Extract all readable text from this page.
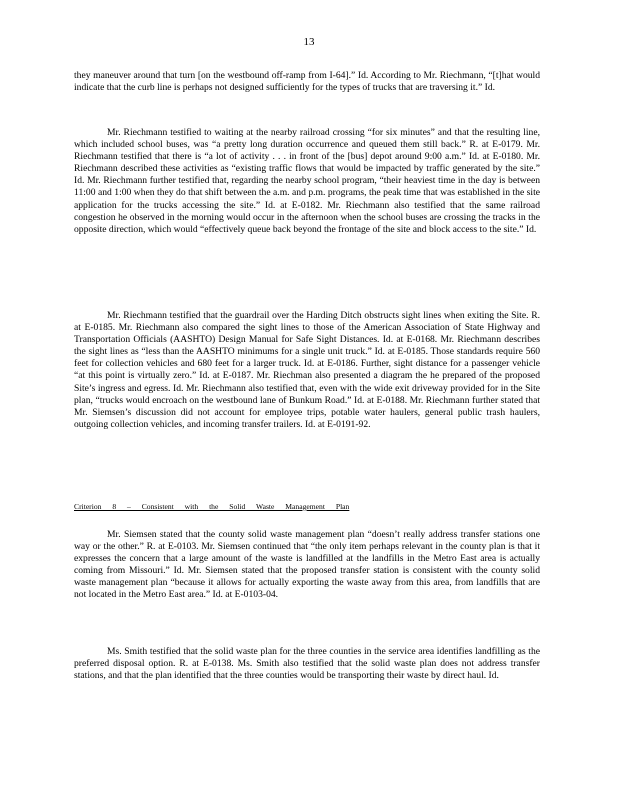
13

they maneuver around that turn [on the westbound off-ramp from I-64].” Id. According to Mr. Riechmann, “[t]hat would indicate that the curb line is perhaps not designed sufficiently for the types of trucks that are traversing it.” Id.

Mr. Riechmann testified to waiting at the nearby railroad crossing “for six minutes” and that the resulting line, which included school buses, was “a pretty long duration occurrence and queued them still back.” R. at E-0179. Mr. Riechmann testified that there is “a lot of activity . . . in front of the [bus] depot around 9:00 a.m.” Id. at E-0180. Mr. Riechmann described these activities as “existing traffic flows that would be impacted by traffic generated by the site.” Id. Mr. Riechmann further testified that, regarding the nearby school program, “their heaviest time in the day is between 11:00 and 1:00 when they do that shift between the a.m. and p.m. programs, the peak time that was established in the site application for the trucks accessing the site.” Id. at E-0182. Mr. Riechmann also testified that the same railroad congestion he observed in the morning would occur in the afternoon when the school buses are crossing the tracks in the opposite direction, which would “effectively queue back beyond the frontage of the site and block access to the site.” Id.

Mr. Riechmann testified that the guardrail over the Harding Ditch obstructs sight lines when exiting the Site. R. at E-0185. Mr. Riechmann also compared the sight lines to those of the American Association of State Highway and Transportation Officials (AASHTO) Design Manual for Safe Sight Distances. Id. at E-0168. Mr. Riechmann describes the sight lines as “less than the AASHTO minimums for a single unit truck.” Id. at E-0185. Those standards require 560 feet for collection vehicles and 680 feet for a larger truck. Id. at E-0186. Further, sight distance for a passenger vehicle “at this point is virtually zero.” Id. at E-0187. Mr. Riechman also presented a diagram the he prepared of the proposed Site’s ingress and egress. Id. Mr. Riechmann also testified that, even with the wide exit driveway provided for in the Site plan, “trucks would encroach on the westbound lane of Bunkum Road.” Id. at E-0188. Mr. Riechmann further stated that Mr. Siemsen’s discussion did not account for employee trips, potable water haulers, general public trash haulers, outgoing collection vehicles, and incoming transfer trailers. Id. at E-0191-92.

Criterion 8 – Consistent with the Solid Waste Management Plan

Mr. Siemsen stated that the county solid waste management plan “doesn’t really address transfer stations one way or the other.” R. at E-0103. Mr. Siemsen continued that “the only item perhaps relevant in the county plan is that it expresses the concern that a large amount of the waste is landfilled at the landfills in the Metro East area is actually coming from Missouri.” Id. Mr. Siemsen stated that the proposed transfer station is consistent with the county solid waste management plan “because it allows for actually exporting the waste away from this area, from landfills that are not located in the Metro East area.” Id. at E-0103-04.

Ms. Smith testified that the solid waste plan for the three counties in the service area identifies landfilling as the preferred disposal option. R. at E-0138. Ms. Smith also testified that the solid waste plan does not address transfer stations, and that the plan identified that the three counties would be transporting their waste by direct haul. Id.
